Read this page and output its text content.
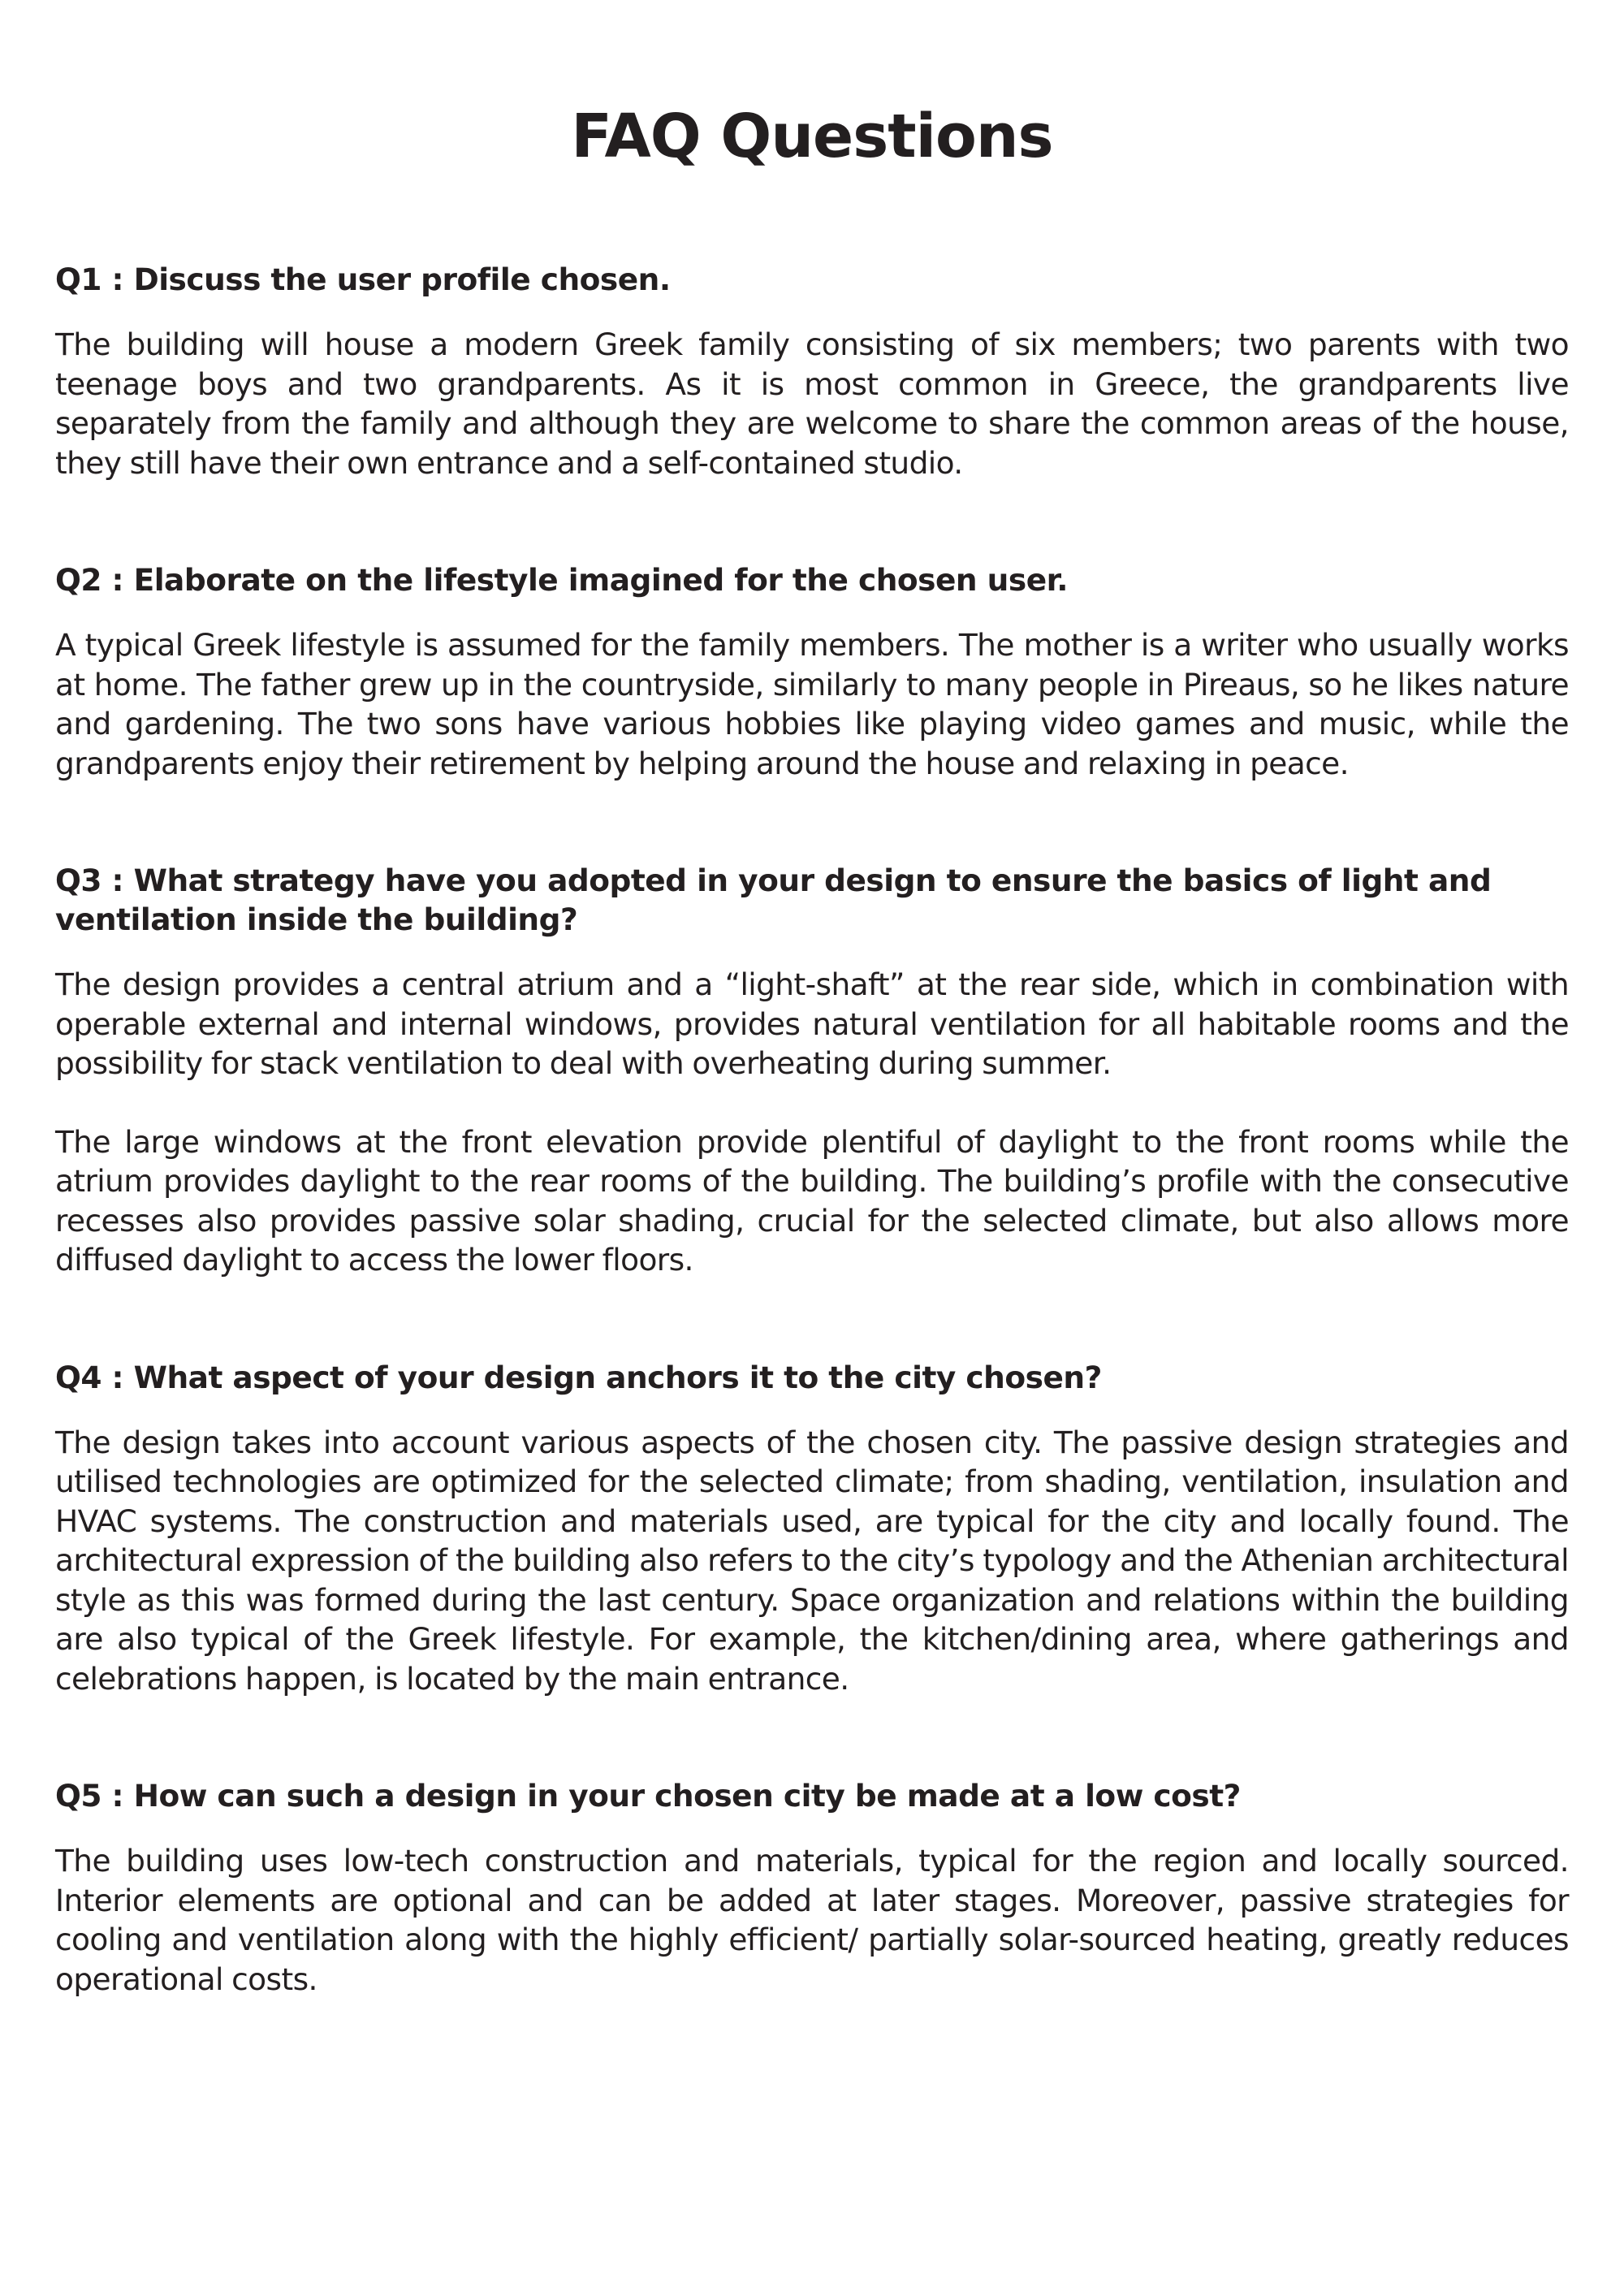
FAQ Questions
Q1 : Discuss the user profile chosen.

The building will house a modern Greek family consisting of six members; two parents with two teenage boys and two grandparents. As it is most common in Greece, the grandparents live separately from the family and although they are welcome to share the common areas of the house, they still have their own entrance and a self-contained studio.

Q2 : Elaborate on the lifestyle imagined for the chosen user.

A typical Greek lifestyle is assumed for the family members. The mother is a writer who usually works at home. The father grew up in the countryside, similarly to many people in Pireaus, so he likes nature and gardening. The two sons have various hobbies like playing video games and music, while the grandparents enjoy their retirement by helping around the house and relaxing in peace.

Q3 : What strategy have you adopted in your design to ensure the basics of light and ventilation inside the building?

The design provides a central atrium and a “light-shaft” at the rear side, which in combination with operable external and internal windows, provides natural ventilation for all habitable rooms and the possibility for stack ventilation to deal with overheating during summer.

The large windows at the front elevation provide plentiful of daylight to the front rooms while the atrium provides daylight to the rear rooms of the building. The building’s profile with the consecutive recesses also provides passive solar shading, crucial for the selected climate, but also allows more diffused daylight to access the lower floors.

Q4 : What aspect of your design anchors it to the city chosen?

The design takes into account various aspects of the chosen city. The passive design strategies and utilised technologies are optimized for the selected climate; from shading, ventilation, insulation and HVAC systems. The construction and materials used, are typical for the city and locally found. The architectural expression of the building also refers to the city’s typology and the Athenian architectural style as this was formed during the last century. Space organization and relations within the building are also typical of the Greek lifestyle. For example, the kitchen/dining area, where gatherings and celebrations happen, is located by the main entrance.

Q5 : How can such a design in your chosen city be made at a low cost?

The building uses low-tech construction and materials, typical for the region and locally sourced. Interior elements are optional and can be added at later stages. Moreover, passive strategies for cooling and ventilation along with the highly efficient/ partially solar-sourced heating, greatly reduces operational costs.
